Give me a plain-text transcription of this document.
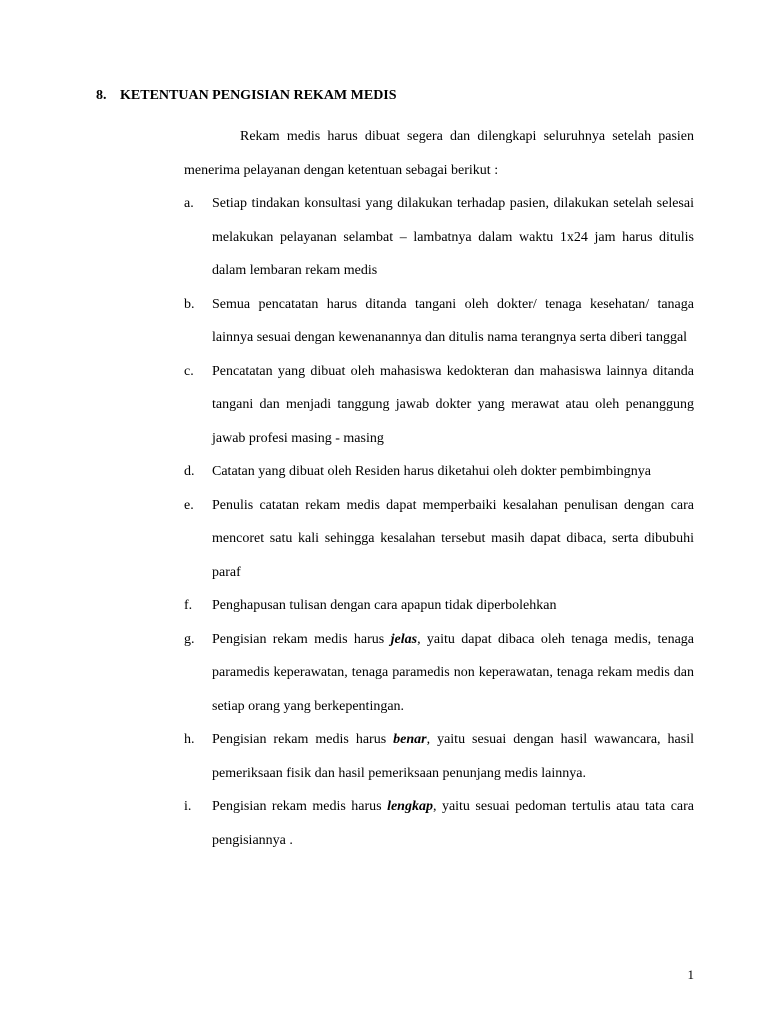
8. KETENTUAN PENGISIAN REKAM MEDIS

Rekam medis harus dibuat segera dan dilengkapi seluruhnya setelah pasien menerima pelayanan dengan ketentuan sebagai berikut :

a.	Setiap tindakan konsultasi yang dilakukan terhadap pasien, dilakukan setelah selesai melakukan pelayanan selambat – lambatnya dalam waktu 1x24 jam harus ditulis dalam lembaran rekam medis
b.	Semua pencatatan harus ditanda tangani oleh dokter/ tenaga kesehatan/ tanaga lainnya sesuai dengan kewenanannya dan ditulis nama terangnya serta diberi tanggal
c.	Pencatatan yang dibuat oleh mahasiswa kedokteran dan mahasiswa lainnya ditanda tangani dan menjadi tanggung jawab dokter yang merawat atau oleh penanggung jawab profesi masing - masing
d.	Catatan yang dibuat oleh Residen harus diketahui oleh dokter pembimbingnya
e.	Penulis catatan rekam medis dapat memperbaiki kesalahan penulisan dengan cara mencoret satu kali sehingga kesalahan tersebut masih dapat dibaca, serta dibubuhi paraf
f.	Penghapusan tulisan dengan cara apapun tidak diperbolehkan
g.	Pengisian rekam medis harus jelas, yaitu dapat dibaca oleh tenaga medis, tenaga paramedis keperawatan, tenaga paramedis non keperawatan, tenaga rekam medis dan setiap orang yang berkepentingan.
h.	Pengisian rekam medis harus benar, yaitu sesuai dengan hasil wawancara, hasil pemeriksaan fisik dan hasil pemeriksaan penunjang medis lainnya.
i.	Pengisian rekam medis harus lengkap, yaitu sesuai pedoman tertulis atau tata cara pengisiannya .
1
